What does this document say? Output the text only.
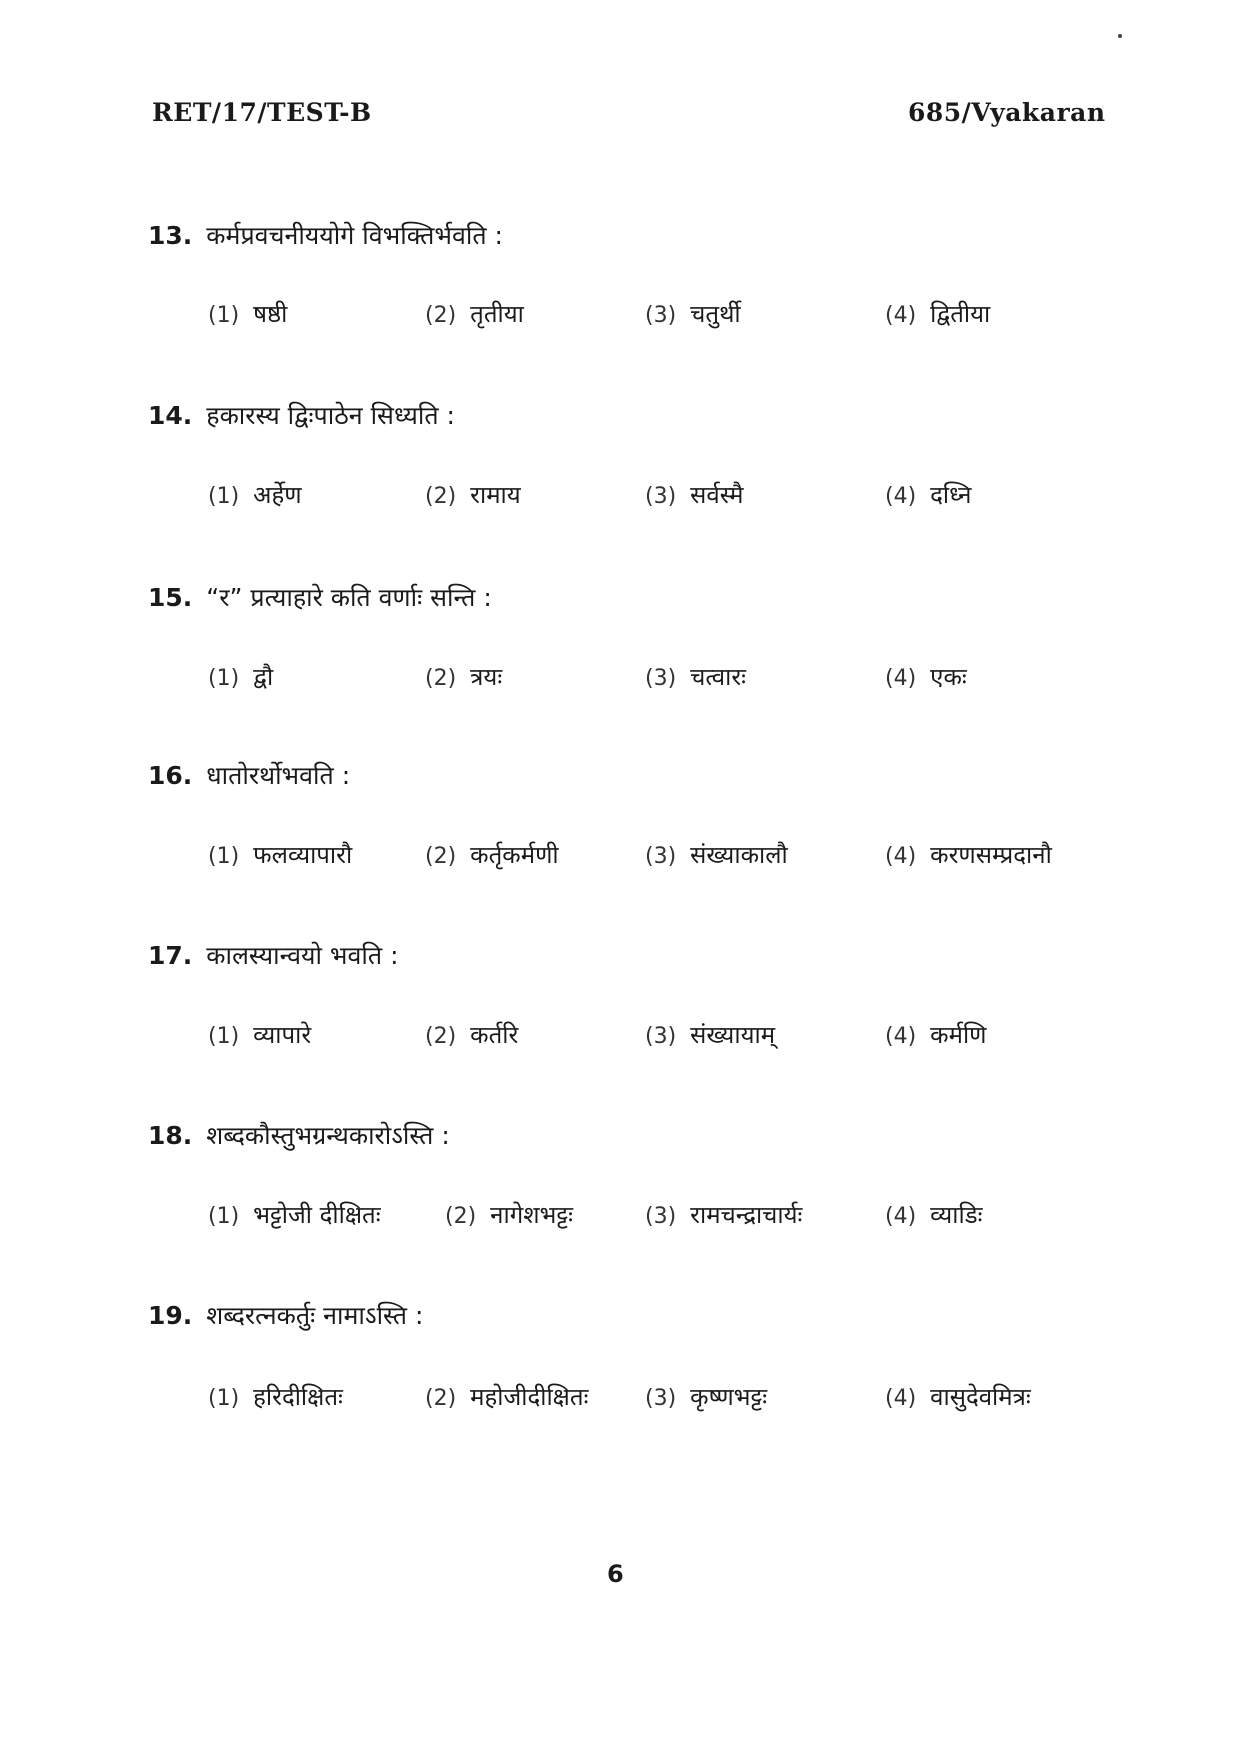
RET/17/TEST-B	685/Vyakaran
13. कर्मप्रवचनीययोगे विभक्तिर्भवति :
(1) षष्ठी	(2) तृतीया	(3) चतुर्थी	(4) द्वितीया
14. हकारस्य द्विःपाठेन सिध्यति :
(1) अर्हेण	(2) रामाय	(3) सर्वस्मै	(4) दध्नि
15. “र” प्रत्याहारे कति वर्णाः सन्ति :
(1) द्वौ	(2) त्रयः	(3) चत्वारः	(4) एकः
16. धातोरर्थोभवति :
(1) फलव्यापारौ	(2) कर्तृकर्मणी	(3) संख्याकालौ	(4) करणसम्प्रदानौ
17. कालस्यान्वयो भवति :
(1) व्यापारे	(2) कर्तरि	(3) संख्यायाम्	(4) कर्मणि
18. शब्दकौस्तुभग्रन्थकारोऽस्ति :
(1) भट्टोजी दीक्षितः	(2) नागेशभट्टः	(3) रामचन्द्राचार्यः	(4) व्याडिः
19. शब्दरत्नकर्तुः नामाऽस्ति :
(1) हरिदीक्षितः	(2) महोजीदीक्षितः	(3) कृष्णभट्टः	(4) वासुदेवमित्रः
6
